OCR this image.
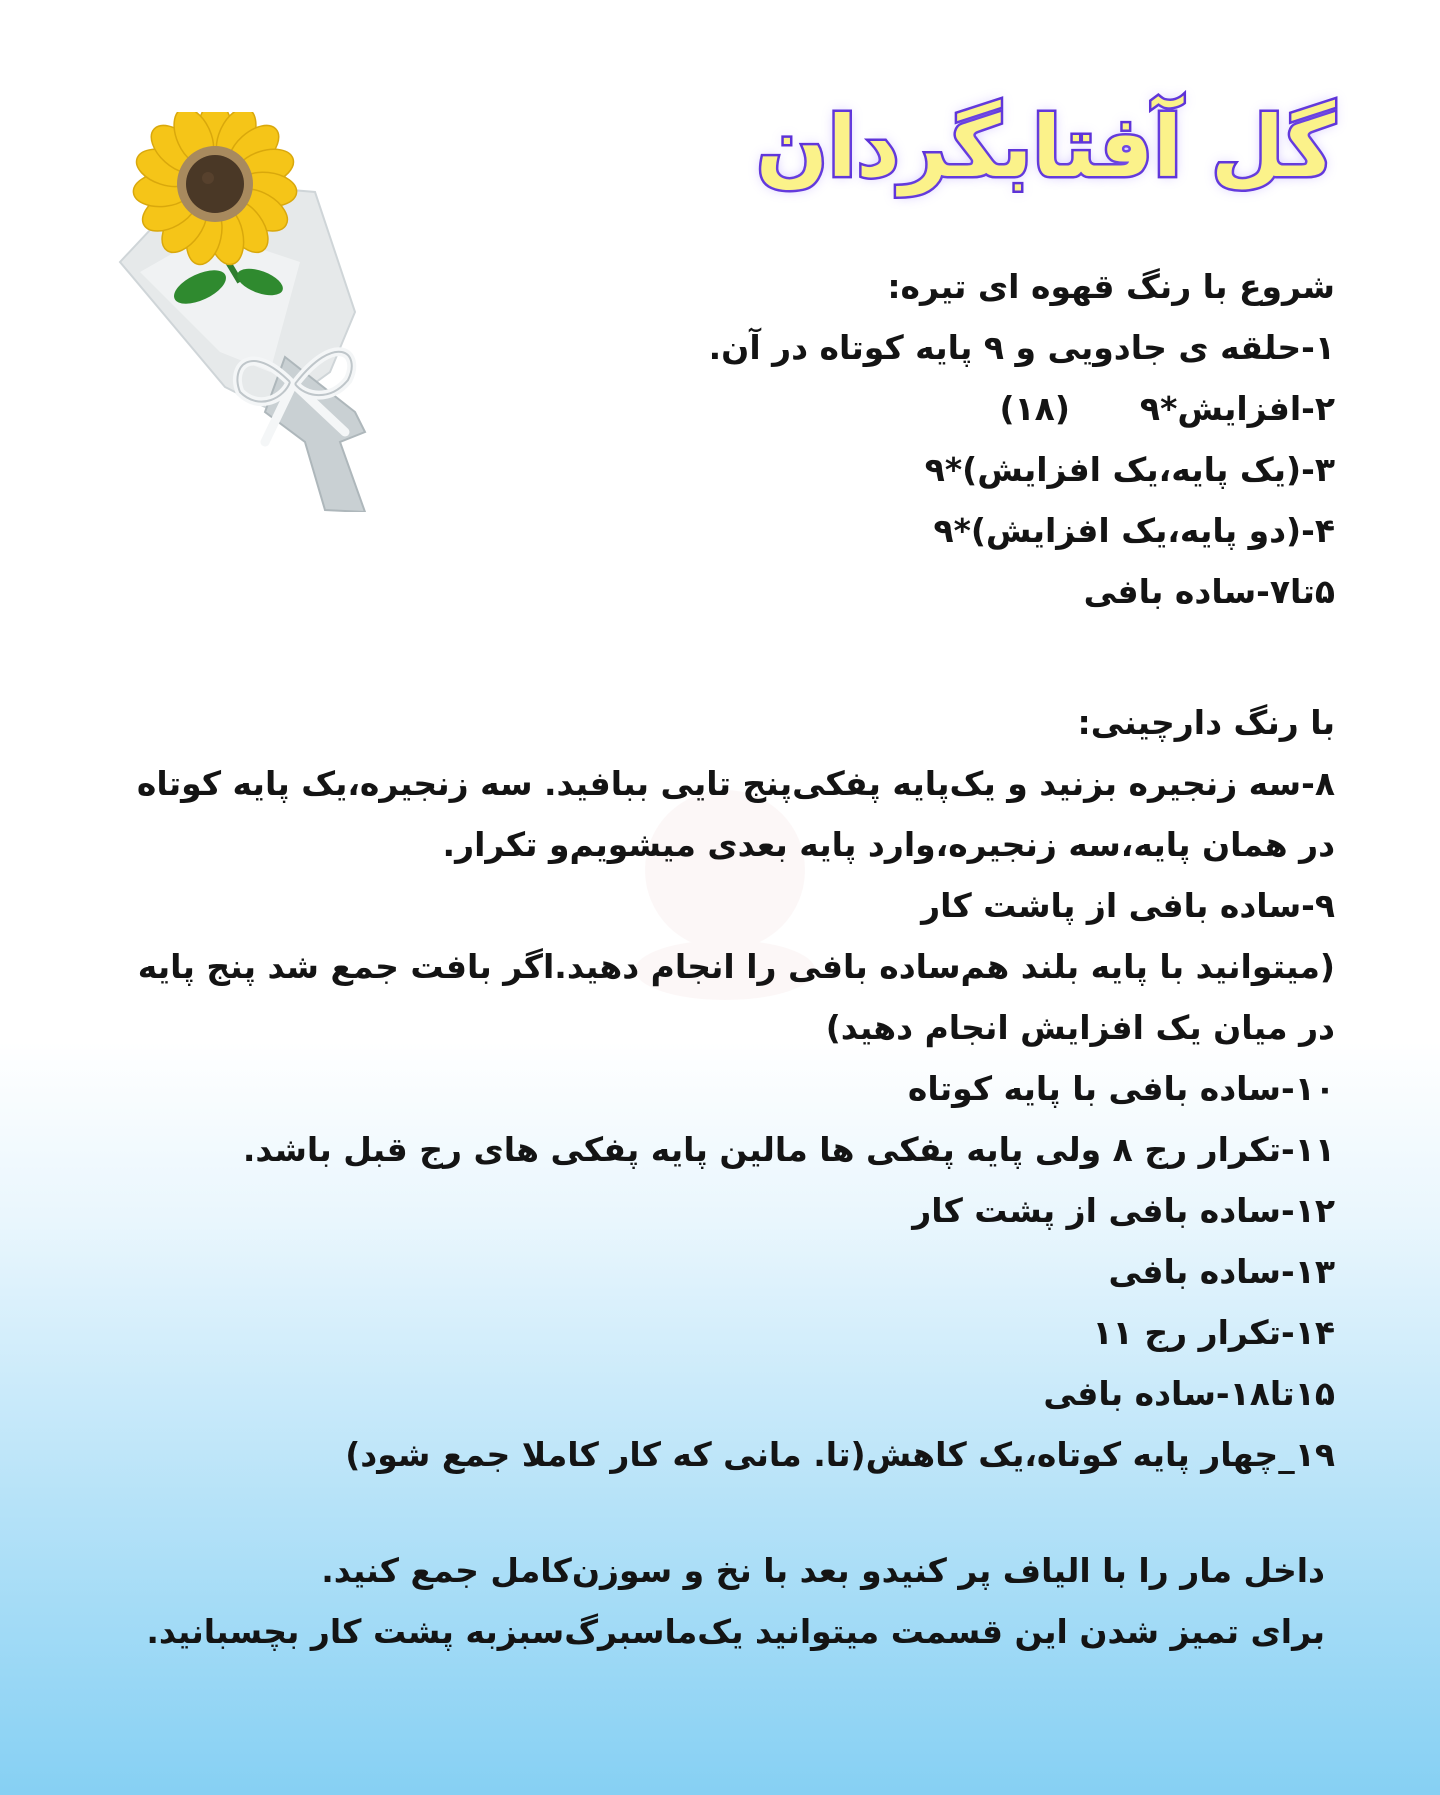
گل آفتابگردان
شروع با رنگ قهوه ای تیره:
۱-حلقه ی جادویی و ۹ پایه کوتاه در آن.
۲-افزایش*۹(۱۸)
۳-(یک پایه،یک افزایش)*۹
۴-(دو پایه،یک افزایش)*۹
۵تا۷-ساده بافی
با رنگ دارچینی:
۸-سه زنجیره بزنید و یک‌پایه پفکی‌پنج تایی ببافید. سه زنجیره،یک پایه کوتاه در همان پایه،سه زنجیره،وارد پایه بعدی میشویم‌و تکرار.
۹-ساده بافی از پاشت کار
(میتوانید با پایه بلند هم‌ساده بافی را انجام دهید.اگر بافت جمع شد پنج پایه در میان یک افزایش انجام دهید)
۱۰-ساده بافی با پایه کوتاه
۱۱-تکرار رج ۸ ولی پایه پفکی ها مالین پایه پفکی های رج قبل باشد.
۱۲-ساده بافی از پشت کار
۱۳-ساده بافی
۱۴-تکرار رج ۱۱
۱۵تا۱۸-ساده بافی
۱۹_چهار پایه کوتاه،یک کاهش(تا. مانی که کار کاملا جمع شود)
داخل مار را با الیاف پر کنیدو بعد با نخ و سوزن‌کامل جمع کنید.
برای تمیز شدن این قسمت میتوانید یک‌ماسبرگ‌سبزبه پشت کار بچسبانید.
